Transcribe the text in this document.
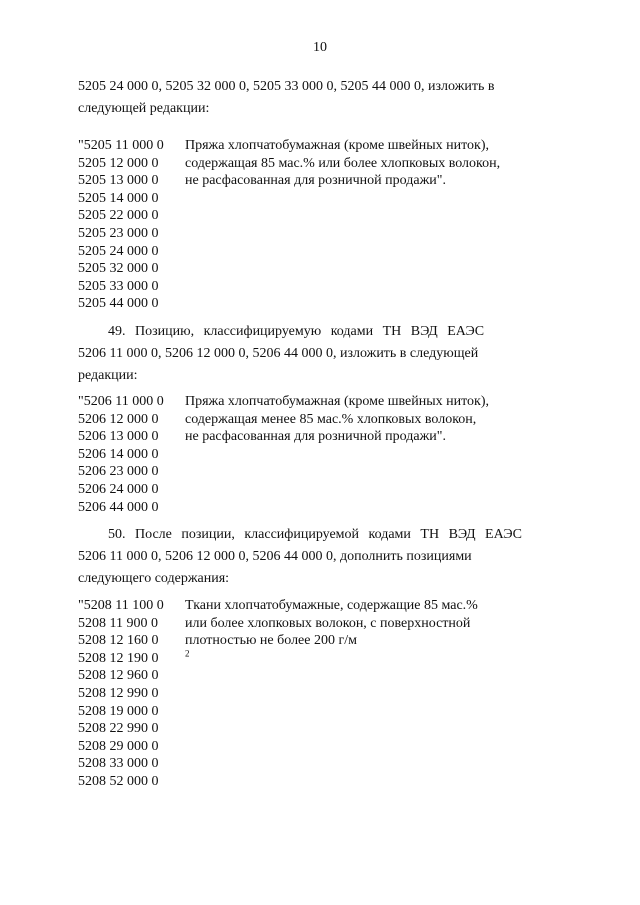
10
5205 24 000 0, 5205 32 000 0, 5205 33 000 0, 5205 44 000 0, изложить в
следующей редакции:
"5205 11 000 0
5205 12 000 0
5205 13 000 0
5205 14 000 0
5205 22 000 0
5205 23 000 0
5205 24 000 0
5205 32 000 0
5205 33 000 0
5205 44 000 0
Пряжа хлопчатобумажная (кроме швейных ниток),
содержащая 85 мас.% или более хлопковых волокон,
не расфасованная для розничной продажи".
49. Позицию, классифицируемую кодами ТН ВЭД ЕАЭС
5206 11 000 0, 5206 12 000 0, 5206 44 000 0, изложить в следующей
редакции:
"5206 11 000 0
5206 12 000 0
5206 13 000 0
5206 14 000 0
5206 23 000 0
5206 24 000 0
5206 44 000 0
Пряжа хлопчатобумажная (кроме швейных ниток),
содержащая менее 85 мас.% хлопковых волокон,
не расфасованная для розничной продажи".
50. После позиции, классифицируемой кодами ТН ВЭД ЕАЭС
5206 11 000 0, 5206 12 000 0, 5206 44 000 0, дополнить позициями
следующего содержания:
"5208 11 100 0
5208 11 900 0
5208 12 160 0
5208 12 190 0
5208 12 960 0
5208 12 990 0
5208 19 000 0
5208 22 990 0
5208 29 000 0
5208 33 000 0
5208 52 000 0
Ткани хлопчатобумажные, содержащие 85 мас.%
или более хлопковых волокон, с поверхностной
плотностью не более 200 г/м
$^2$
